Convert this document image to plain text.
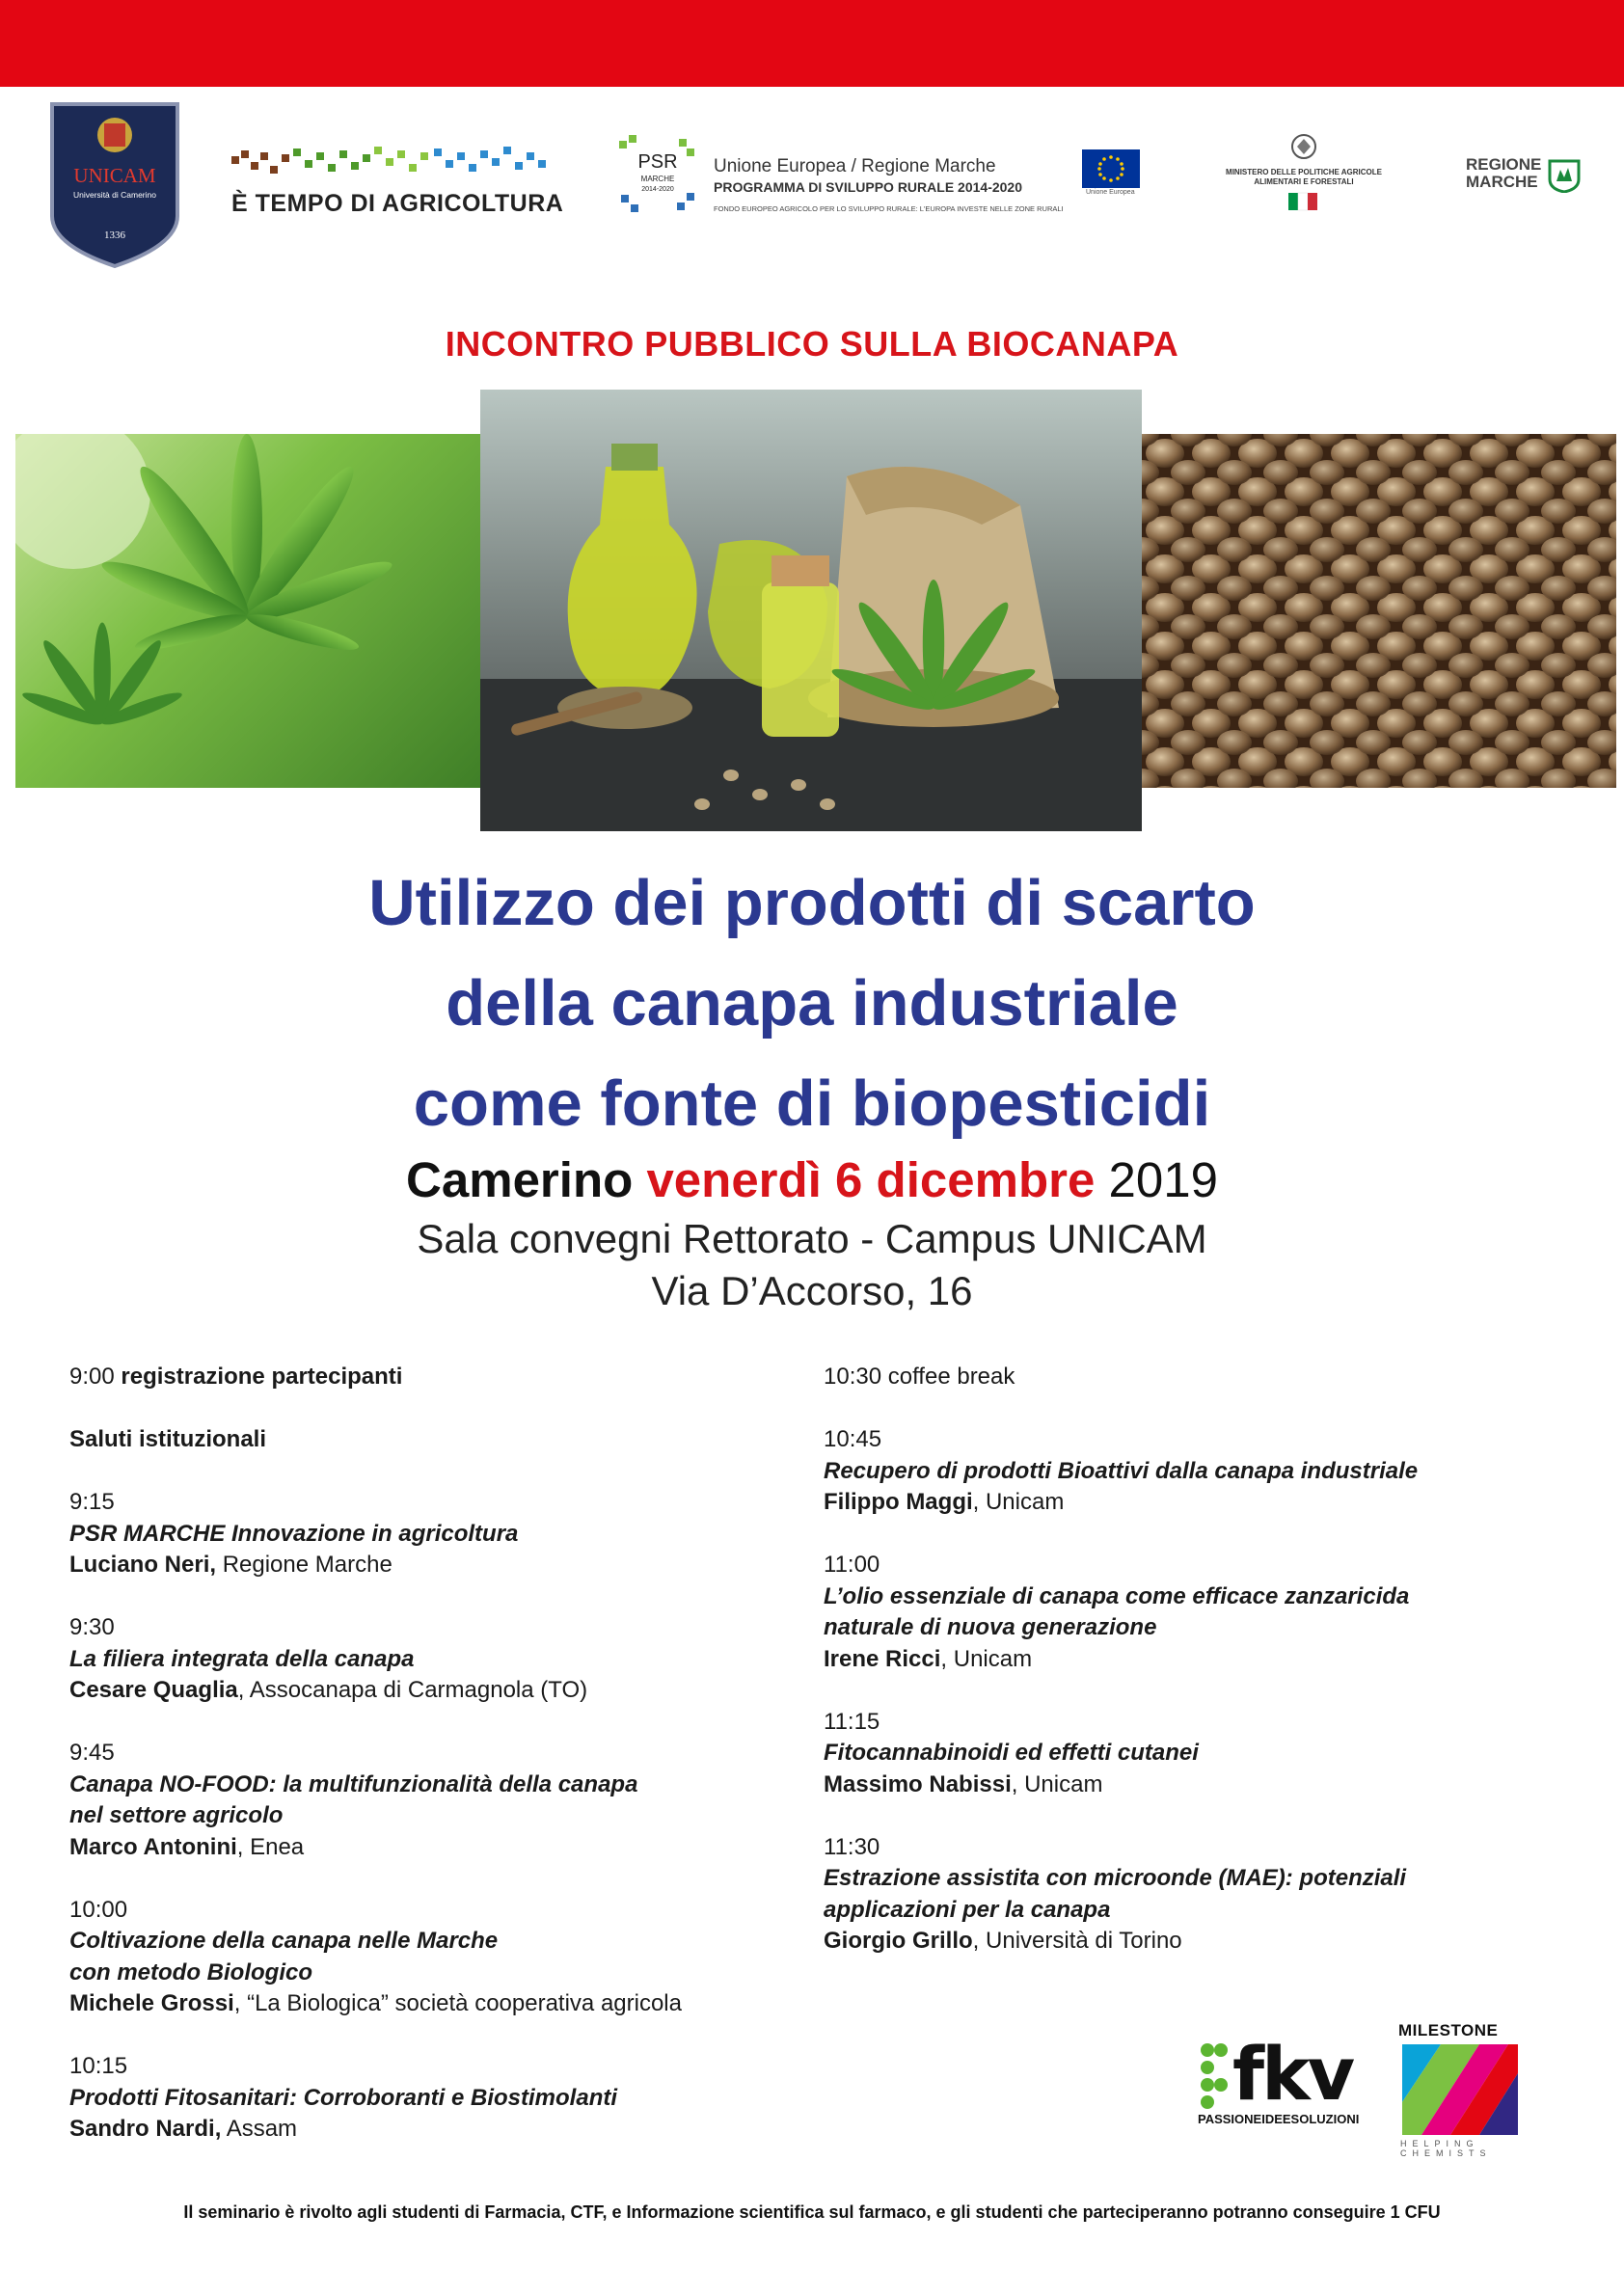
UNICAM
Università di Camerino
1336
È TEMPO DI AGRICOLTURA
PSR
MARCHE
2014-2020
Unione Europea / Regione Marche
PROGRAMMA DI SVILUPPO RURALE 2014-2020
FONDO EUROPEO AGRICOLO PER LO SVILUPPO RURALE: L'EUROPA INVESTE NELLE ZONE RURALI
Unione Europea
MINISTERO DELLE POLITICHE AGRICOLE ALIMENTARI E FORESTALI
REGIONE
MARCHE
INCONTRO PUBBLICO SULLA BIOCANAPA
Utilizzo dei prodotti di scarto
della canapa industriale
come fonte di biopesticidi
Camerino venerdì 6 dicembre 2019
Sala convegni Rettorato - Campus UNICAM
Via D’Accorso, 16
9:00 registrazione partecipanti
Saluti istituzionali
9:15
PSR MARCHE Innovazione in agricoltura
Luciano Neri, Regione Marche
9:30
La filiera integrata della canapa
Cesare Quaglia, Assocanapa di Carmagnola (TO)
9:45
Canapa NO-FOOD: la multifunzionalità della canapa
nel settore agricolo
Marco Antonini, Enea
10:00
Coltivazione della canapa nelle Marche
con metodo Biologico
Michele Grossi, “La Biologica” società cooperativa agricola
10:15
Prodotti Fitosanitari: Corroboranti e Biostimolanti
Sandro Nardi, Assam
10:30 coffee break
10:45
Recupero di prodotti Bioattivi dalla canapa industriale
Filippo Maggi, Unicam
11:00
L’olio essenziale di canapa come efficace zanzaricida
naturale di nuova generazione
Irene Ricci, Unicam
11:15
Fitocannabinoidi ed effetti cutanei
Massimo Nabissi, Unicam
11:30
Estrazione assistita con microonde (MAE): potenziali
applicazioni per la canapa
Giorgio Grillo, Università di Torino
fkv
PASSIONEIDEESOLUZIONI
MILESTONE
HELPING CHEMISTS
Il seminario è rivolto agli studenti di Farmacia, CTF, e Informazione scientifica sul farmaco, e gli studenti che parteciperanno potranno conseguire 1 CFU
